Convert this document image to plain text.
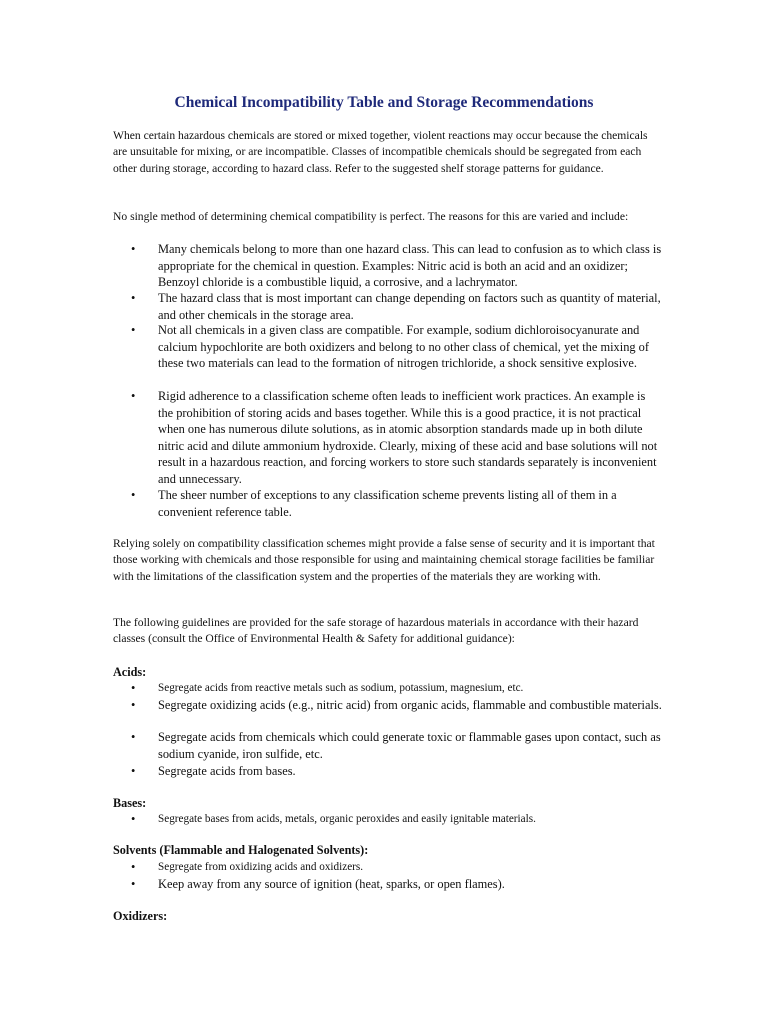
Chemical Incompatibility Table and Storage Recommendations

When certain hazardous chemicals are stored or mixed together, violent reactions may occur because the chemicals are unsuitable for mixing, or are incompatible. Classes of incompatible chemicals should be segregated from each other during storage, according to hazard class. Refer to the suggested shelf storage patterns for guidance.

No single method of determining chemical compatibility is perfect. The reasons for this are varied and include:

•	Many chemicals belong to more than one hazard class. This can lead to confusion as to which class is appropriate for the chemical in question. Examples: Nitric acid is both an acid and an oxidizer; Benzoyl chloride is a combustible liquid, a corrosive, and a lachrymator.
•	The hazard class that is most important can change depending on factors such as quantity of material, and other chemicals in the storage area.
•	Not all chemicals in a given class are compatible. For example, sodium dichloroisocyanurate and calcium hypochlorite are both oxidizers and belong to no other class of chemical, yet the mixing of these two materials can lead to the formation of nitrogen trichloride, a shock sensitive explosive.
•	Rigid adherence to a classification scheme often leads to inefficient work practices. An example is the prohibition of storing acids and bases together. While this is a good practice, it is not practical when one has numerous dilute solutions, as in atomic absorption standards made up in both dilute nitric acid and dilute ammonium hydroxide. Clearly, mixing of these acid and base solutions will not result in a hazardous reaction, and forcing workers to store such standards separately is inconvenient and unnecessary.
•	The sheer number of exceptions to any classification scheme prevents listing all of them in a convenient reference table.

Relying solely on compatibility classification schemes might provide a false sense of security and it is important that those working with chemicals and those responsible for using and maintaining chemical storage facilities be familiar with the limitations of the classification system and the properties of the materials they are working with.

The following guidelines are provided for the safe storage of hazardous materials in accordance with their hazard classes (consult the Office of Environmental Health & Safety for additional guidance):

Acids:
•	Segregate acids from reactive metals such as sodium, potassium, magnesium, etc.
•	Segregate oxidizing acids (e.g., nitric acid) from organic acids, flammable and combustible materials.
•	Segregate acids from chemicals which could generate toxic or flammable gases upon contact, such as sodium cyanide, iron sulfide, etc.
•	Segregate acids from bases.
Bases:
•	Segregate bases from acids, metals, organic peroxides and easily ignitable materials.
Solvents (Flammable and Halogenated Solvents):
•	Segregate from oxidizing acids and oxidizers.
•	Keep away from any source of ignition (heat, sparks, or open flames).
Oxidizers:
